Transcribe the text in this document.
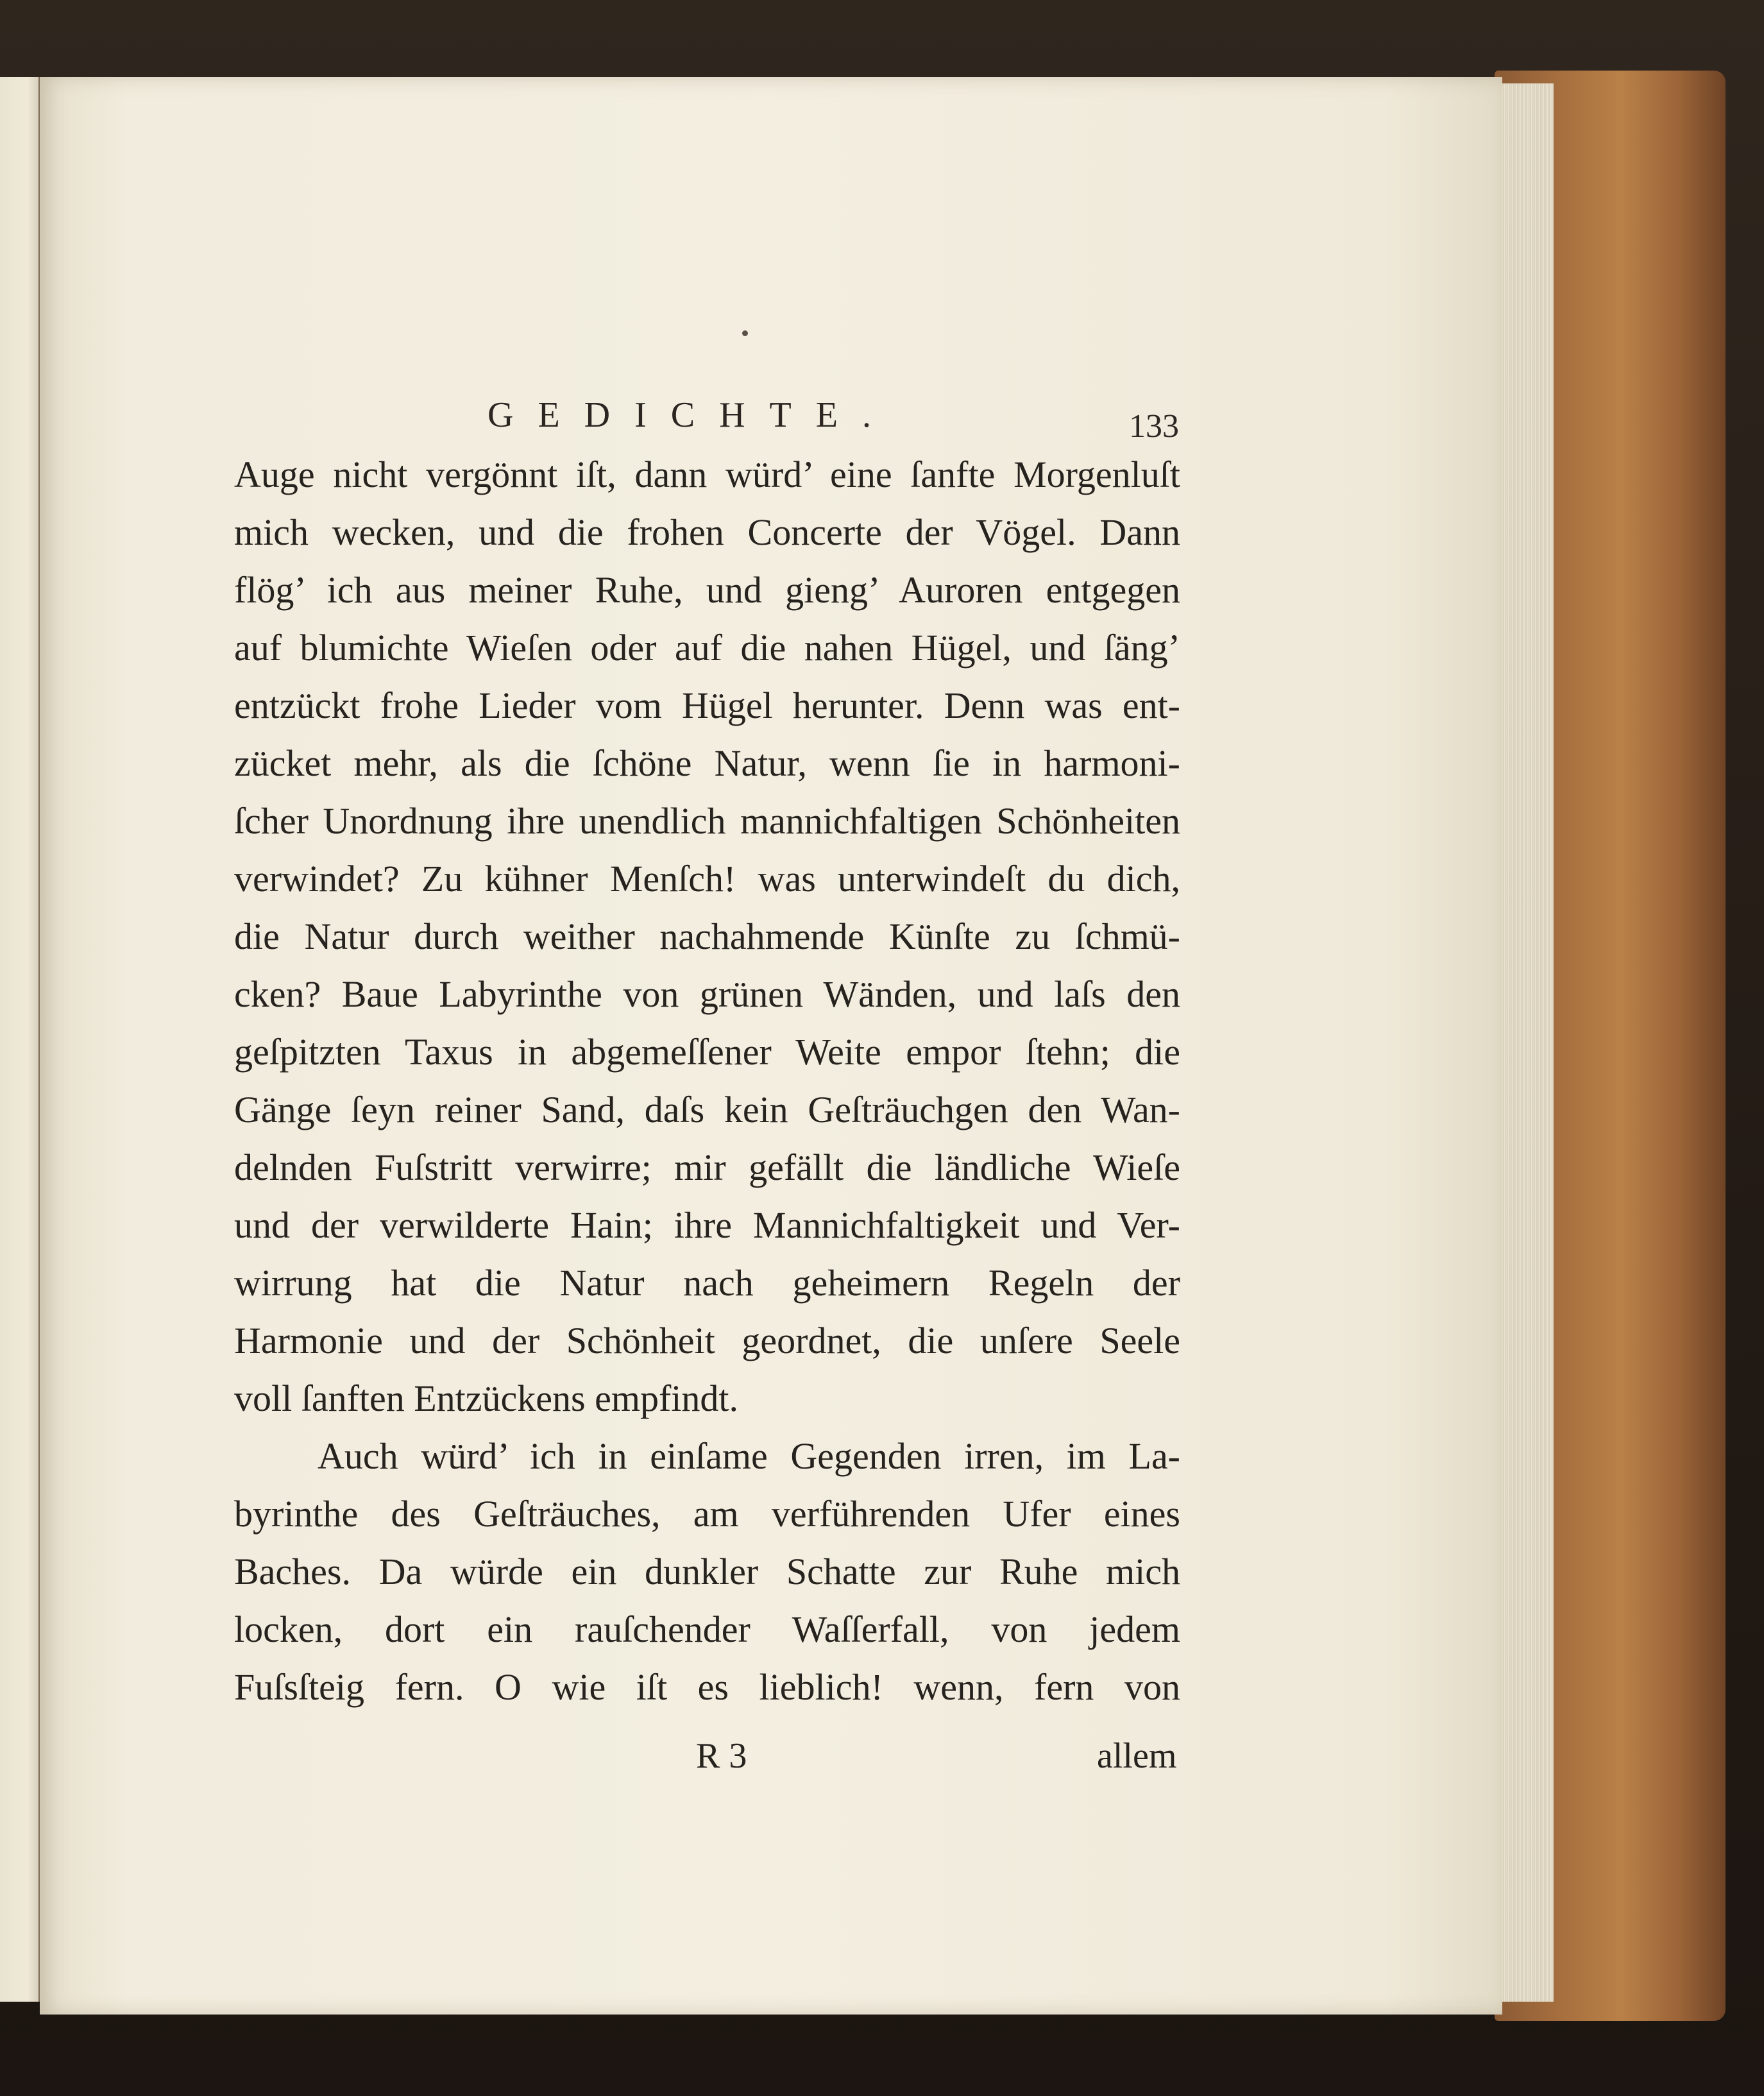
GEDICHTE.	133
Auge nicht vergönnt iſt, dann würd’ eine ſanfte Morgenluſt
mich wecken, und die frohen Concerte der Vögel. Dann
flög’ ich aus meiner Ruhe, und gieng’ Auroren entgegen
auf blumichte Wieſen oder auf die nahen Hügel, und ſäng’
entzückt frohe Lieder vom Hügel herunter. Denn was ent-
zücket mehr, als die ſchöne Natur, wenn ſie in harmoni-
ſcher Unordnung ihre unendlich mannichfaltigen Schönheiten
verwindet? Zu kühner Menſch! was unterwindeſt du dich,
die Natur durch weither nachahmende Künſte zu ſchmü-
cken? Baue Labyrinthe von grünen Wänden, und laſs den
geſpitzten Taxus in abgemeſſener Weite empor ſtehn; die
Gänge ſeyn reiner Sand, daſs kein Geſträuchgen den Wan-
delnden Fuſstritt verwirre; mir gefällt die ländliche Wieſe
und der verwilderte Hain; ihre Mannichfaltigkeit und Ver-
wirrung hat die Natur nach geheimern Regeln der
Harmonie und der Schönheit geordnet, die unſere Seele
voll ſanften Entzückens empfindt.
Auch würd’ ich in einſame Gegenden irren, im La-
byrinthe des Geſträuches, am verführenden Ufer eines
Baches. Da würde ein dunkler Schatte zur Ruhe mich
locken, dort ein rauſchender Waſſerfall, von jedem
Fuſsſteig fern. O wie iſt es lieblich! wenn, fern von
R 3	allem
